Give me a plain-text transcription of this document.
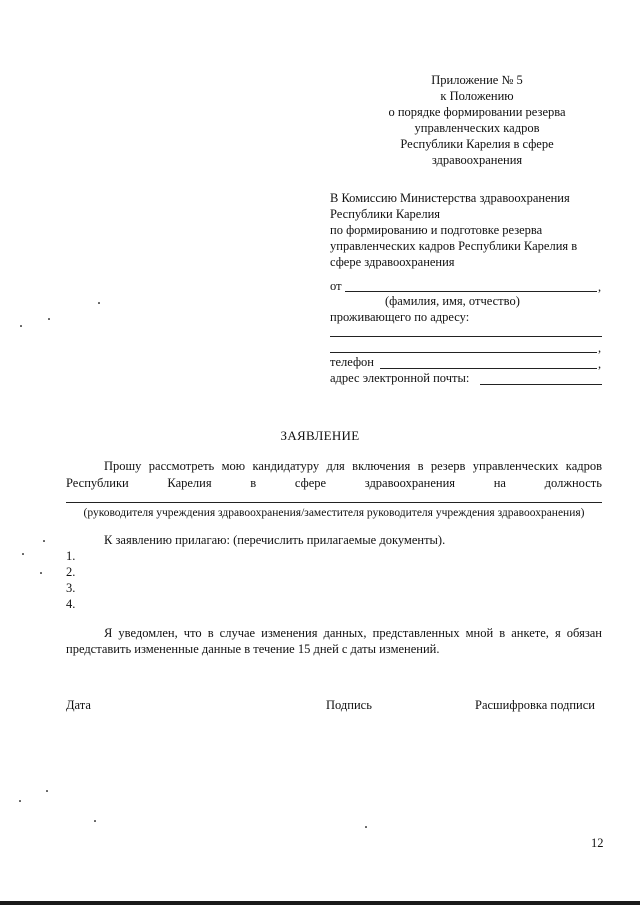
Приложение № 5
к Положению
о порядке формировании резерва
управленческих кадров
Республики Карелия в сфере
здравоохранения
В Комиссию Министерства здравоохранения
Республики Карелия
по формированию и подготовке резерва
управленческих кадров Республики Карелия в
сфере здравоохранения
от	,
(фамилия, имя, отчество)
проживающего по адресу:
,
телефон	,
адрес электронной почты:
ЗАЯВЛЕНИЕ
Прошу рассмотреть мою кандидатуру для включения в резерв управленческих кадров
Республики	Карелия	в	сфере	здравоохранения	на	должность
(руководителя учреждения здравоохранения/заместителя руководителя учреждения здравоохранения)
К заявлению прилагаю: (перечислить прилагаемые документы).
1.
2.
3.
4.
Я уведомлен, что в случае изменения данных, представленных мной в анкете, я обязан
представить измененные данные в течение 15 дней с даты изменений.
Дата	Подпись	Расшифровка подписи
12
